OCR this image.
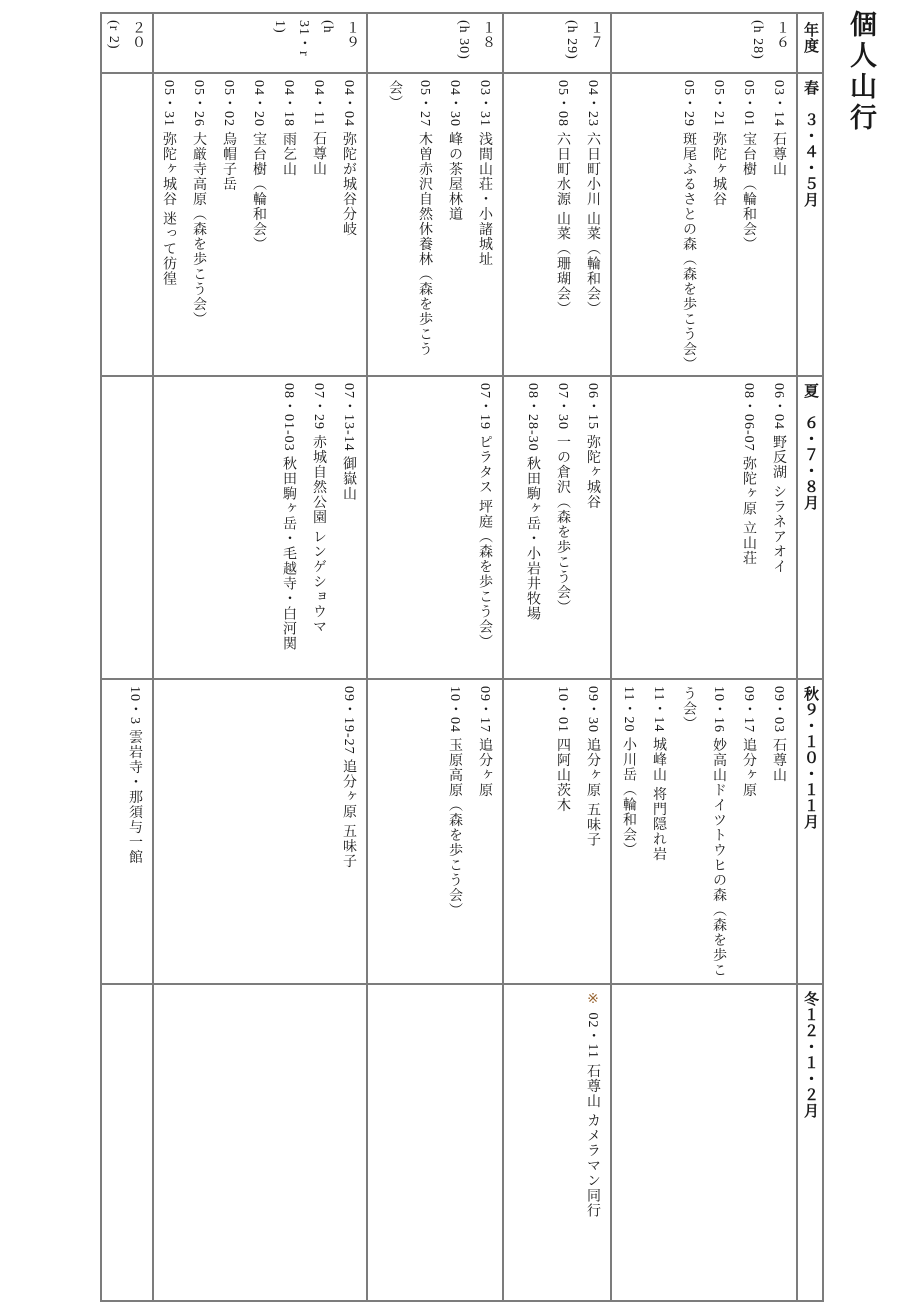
個人山行
年度
春　３・４・５月
夏　６・７・８月
秋９・１０・１１月
冬１２・１・２月
１６
(h 28)
03・14 石尊山
05・01 宝台樹（輪和会）
05・21 弥陀ヶ城谷
05・29 斑尾ふるさとの森（森を歩こう会）
06・04 野反湖 シラネアオイ
08・06-07 弥陀ヶ原 立山荘
09・03 石尊山
09・17 追分ヶ原
10・16 妙高山ドイツトウヒの森（森を歩こう会）
11・14 城峰山 将門隠れ岩
11・20 小川岳（輪和会）
１７
(h 29)
04・23 六日町小川 山菜（輪和会）
05・08 六日町水源 山菜（珊瑚会）
06・15 弥陀ヶ城谷
07・30 一の倉沢（森を歩こう会）
08・28-30 秋田駒ヶ岳・小岩井牧場
09・30 追分ヶ原 五味子
10・01 四阿山茨木
※ 02・11 石尊山 カメラマン同行
１８
(h 30)
03・31 浅間山荘・小諸城址
04・30 峰の茶屋林道
05・27 木曽赤沢自然休養林（森を歩こう会）
07・19 ピラタス 坪庭（森を歩こう会）
09・17 追分ヶ原
10・04 玉原高原（森を歩こう会）
１９
(h 31・r 1)
04・04 弥陀が城谷分岐
04・11 石尊山
04・18 雨乞山
04・20 宝台樹（輪和会）
05・02 烏帽子岳
05・26 大厳寺高原（森を歩こう会）
05・31 弥陀ヶ城谷 迷って彷徨
07・13-14 御嶽山
07・29 赤城自然公園 レンゲショウマ
08・01-03 秋田駒ヶ岳・毛越寺・白河関
09・19-27 追分ヶ原 五味子
２０
(r 2)
10・3 雲岩寺・那須与一館
